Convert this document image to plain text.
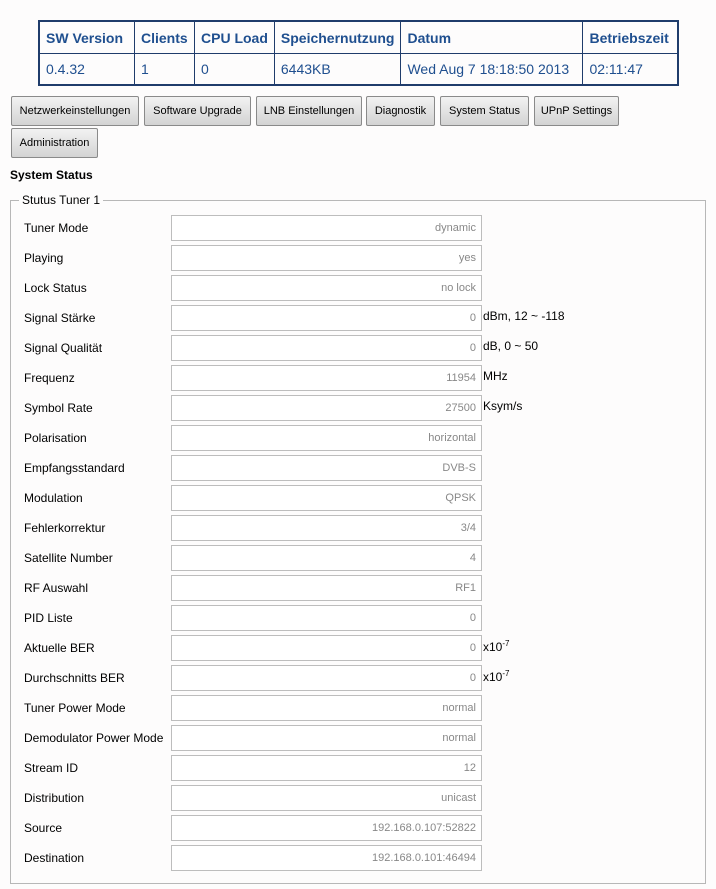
SW Version	Clients	CPU Load	Speichernutzung	Datum	Betriebszeit
0.4.32	1	0	6443KB	Wed Aug 7 18:18:50 2013	02:11:47
Netzwerkeinstellungen	Software Upgrade	LNB Einstellungen	Diagnostik	System Status	UPnP Settings
Administration
System Status
Stutus Tuner 1
Tuner Mode	dynamic
Playing	yes
Lock Status	no lock
Signal Stärke	0 dBm, 12 ~ -118
Signal Qualität	0 dB, 0 ~ 50
Frequenz	11954 MHz
Symbol Rate	27500 Ksym/s
Polarisation	horizontal
Empfangsstandard	DVB-S
Modulation	QPSK
Fehlerkorrektur	3/4
Satellite Number	4
RF Auswahl	RF1
PID Liste	0
Aktuelle BER	0 $x10^{-7}$
Durchschnitts BER	0 $x10^{-7}$
Tuner Power Mode	normal
Demodulator Power Mode	normal
Stream ID	12
Distribution	unicast
Source	192.168.0.107:52822
Destination	192.168.0.101:46494
